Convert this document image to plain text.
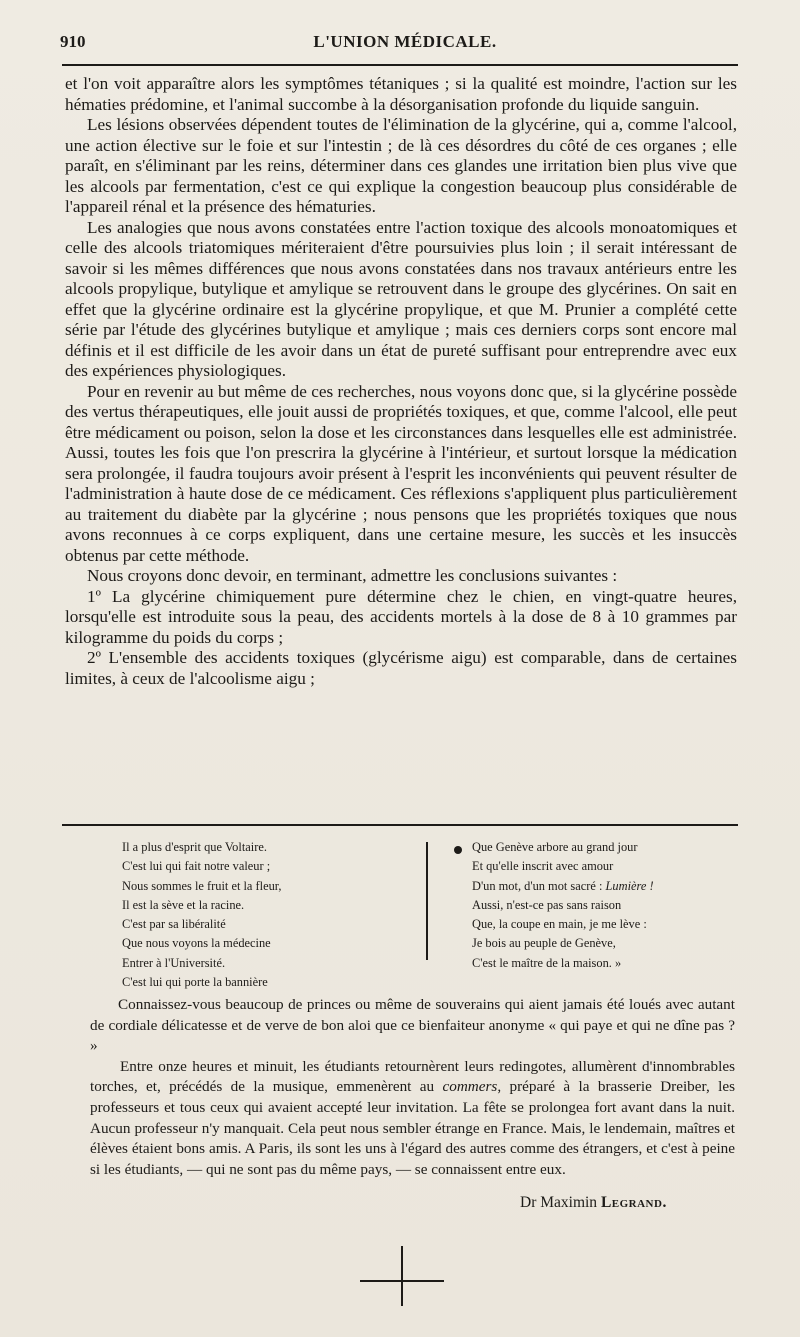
910	L'UNION MÉDICALE.

et l'on voit apparaître alors les symptômes tétaniques ; si la qualité est moindre, l'action sur les hématies prédomine, et l'animal succombe à la désorganisation profonde du liquide sanguin.

Les lésions observées dépendent toutes de l'élimination de la glycérine, qui a, comme l'alcool, une action élective sur le foie et sur l'intestin ; de là ces désordres du côté de ces organes ; elle paraît, en s'éliminant par les reins, déterminer dans ces glandes une irritation bien plus vive que les alcools par fermentation, c'est ce qui explique la congestion beaucoup plus considérable de l'appareil rénal et la présence des hématuries.

Les analogies que nous avons constatées entre l'action toxique des alcools monoatomiques et celle des alcools triatomiques mériteraient d'être poursuivies plus loin ; il serait intéressant de savoir si les mêmes différences que nous avons constatées dans nos travaux antérieurs entre les alcools propylique, butylique et amylique se retrouvent dans le groupe des glycérines. On sait en effet que la glycérine ordinaire est la glycérine propylique, et que M. Prunier a complété cette série par l'étude des glycérines butylique et amylique ; mais ces derniers corps sont encore mal définis et il est difficile de les avoir dans un état de pureté suffisant pour entreprendre avec eux des expériences physiologiques.

Pour en revenir au but même de ces recherches, nous voyons donc que, si la glycérine possède des vertus thérapeutiques, elle jouit aussi de propriétés toxiques, et que, comme l'alcool, elle peut être médicament ou poison, selon la dose et les circonstances dans lesquelles elle est administrée. Aussi, toutes les fois que l'on prescrira la glycérine à l'intérieur, et surtout lorsque la médication sera prolongée, il faudra toujours avoir présent à l'esprit les inconvénients qui peuvent résulter de l'administration à haute dose de ce médicament. Ces réflexions s'appliquent plus particulièrement au traitement du diabète par la glycérine ; nous pensons que les propriétés toxiques que nous avons reconnues à ce corps expliquent, dans une certaine mesure, les succès et les insuccès obtenus par cette méthode.

Nous croyons donc devoir, en terminant, admettre les conclusions suivantes :

1º La glycérine chimiquement pure détermine chez le chien, en vingt-quatre heures, lorsqu'elle est introduite sous la peau, des accidents mortels à la dose de 8 à 10 grammes par kilogramme du poids du corps ;

2º L'ensemble des accidents toxiques (glycérisme aigu) est comparable, dans de certaines limites, à ceux de l'alcoolisme aigu ;

Il a plus d'esprit que Voltaire.
C'est lui qui fait notre valeur ;
Nous sommes le fruit et la fleur,
Il est la sève et la racine.
C'est par sa libéralité
Que nous voyons la médecine
Entrer à l'Université.
C'est lui qui porte la bannière
Que Genève arbore au grand jour
Et qu'elle inscrit avec amour
D'un mot, d'un mot sacré : Lumière !
Aussi, n'est-ce pas sans raison
Que, la coupe en main, je me lève :
Je bois au peuple de Genève,
C'est le maître de la maison. »

Connaissez-vous beaucoup de princes ou même de souverains qui aient jamais été loués avec autant de cordiale délicatesse et de verve de bon aloi que ce bienfaiteur anonyme « qui paye et qui ne dîne pas ? »

Entre onze heures et minuit, les étudiants retournèrent leurs redingotes, allumèrent d'innombrables torches, et, précédés de la musique, emmenèrent au commers, préparé à la brasserie Dreiber, les professeurs et tous ceux qui avaient accepté leur invitation. La fête se prolongea fort avant dans la nuit. Aucun professeur n'y manquait. Cela peut nous sembler étrange en France. Mais, le lendemain, maîtres et élèves étaient bons amis. A Paris, ils sont les uns à l'égard des autres comme des étrangers, et c'est à peine si les étudiants, — qui ne sont pas du même pays, — se connaissent entre eux.

Dr Maximin Legrand.
